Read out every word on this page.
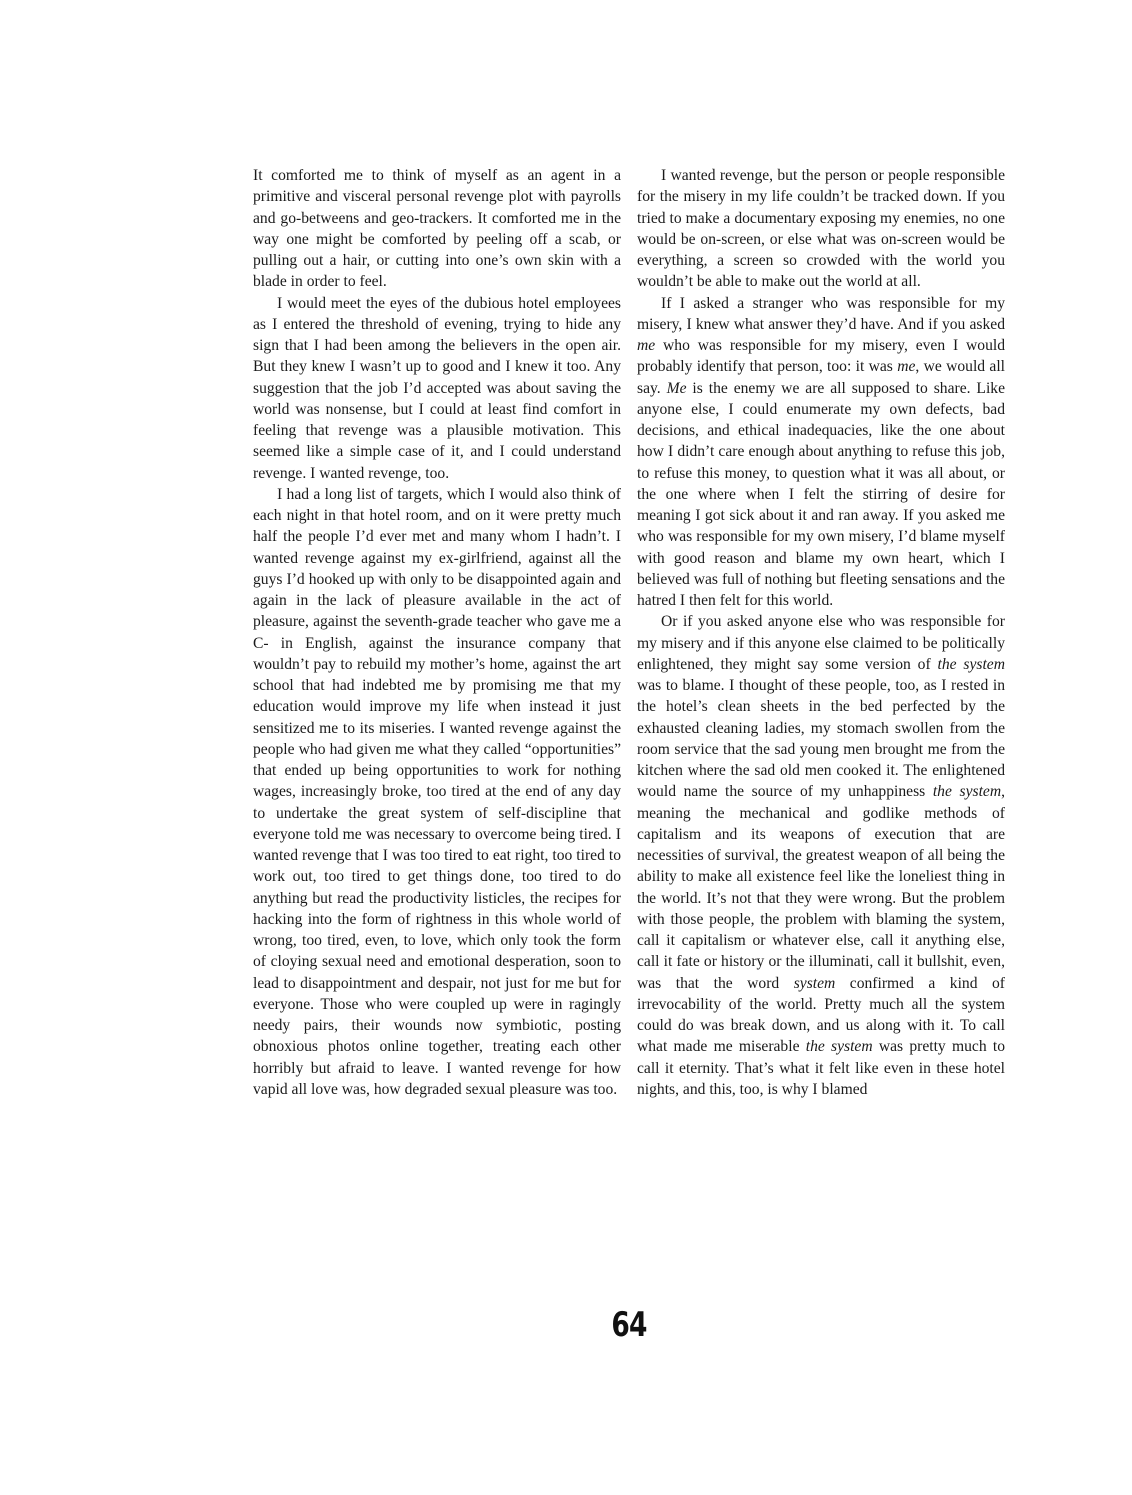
It comforted me to think of myself as an agent in a primitive and visceral personal revenge plot with payrolls and go-betweens and geo-trackers. It comforted me in the way one might be comforted by peeling off a scab, or pulling out a hair, or cutting into one’s own skin with a blade in order to feel.

I would meet the eyes of the dubious hotel employees as I entered the threshold of evening, trying to hide any sign that I had been among the believers in the open air. But they knew I wasn’t up to good and I knew it too. Any suggestion that the job I’d accepted was about saving the world was nonsense, but I could at least find comfort in feeling that revenge was a plausible motivation. This seemed like a simple case of it, and I could understand revenge. I wanted revenge, too.

I had a long list of targets, which I would also think of each night in that hotel room, and on it were pretty much half the people I’d ever met and many whom I hadn’t. I wanted revenge against my ex-girlfriend, against all the guys I’d hooked up with only to be disappointed again and again in the lack of pleasure available in the act of pleasure, against the seventh-grade teacher who gave me a C- in English, against the insurance company that wouldn’t pay to rebuild my mother’s home, against the art school that had indebted me by promising me that my education would improve my life when instead it just sensitized me to its miseries. I wanted revenge against the people who had given me what they called “opportunities” that ended up being opportunities to work for nothing wages, increasingly broke, too tired at the end of any day to undertake the great system of self-discipline that everyone told me was necessary to overcome being tired. I wanted revenge that I was too tired to eat right, too tired to work out, too tired to get things done, too tired to do anything but read the productivity listicles, the recipes for hacking into the form of rightness in this whole world of wrong, too tired, even, to love, which only took the form of cloying sexual need and emotional desperation, soon to lead to disappointment and despair, not just for me but for everyone. Those who were coupled up were in ragingly needy pairs, their wounds now symbiotic, posting obnoxious photos online together, treating each other horribly but afraid to leave. I wanted revenge for how vapid all love was, how degraded sexual pleasure was too.

I wanted revenge, but the person or people responsible for the misery in my life couldn’t be tracked down. If you tried to make a documentary exposing my enemies, no one would be on-screen, or else what was on-screen would be everything, a screen so crowded with the world you wouldn’t be able to make out the world at all.

If I asked a stranger who was responsible for my misery, I knew what answer they’d have. And if you asked me who was responsible for my misery, even I would probably identify that person, too: it was me, we would all say. Me is the enemy we are all supposed to share. Like anyone else, I could enumerate my own defects, bad decisions, and ethical inadequacies, like the one about how I didn’t care enough about anything to refuse this job, to refuse this money, to question what it was all about, or the one where when I felt the stirring of desire for meaning I got sick about it and ran away. If you asked me who was responsible for my own misery, I’d blame myself with good reason and blame my own heart, which I believed was full of nothing but fleeting sensations and the hatred I then felt for this world.

Or if you asked anyone else who was responsible for my misery and if this anyone else claimed to be politically enlightened, they might say some version of the system was to blame. I thought of these people, too, as I rested in the hotel’s clean sheets in the bed perfected by the exhausted cleaning ladies, my stomach swollen from the room service that the sad young men brought me from the kitchen where the sad old men cooked it. The enlightened would name the source of my unhappiness the system, meaning the mechanical and godlike methods of capitalism and its weapons of execution that are necessities of survival, the greatest weapon of all being the ability to make all existence feel like the loneliest thing in the world. It’s not that they were wrong. But the problem with those people, the problem with blaming the system, call it capitalism or whatever else, call it anything else, call it fate or history or the illuminati, call it bullshit, even, was that the word system confirmed a kind of irrevocability of the world. Pretty much all the system could do was break down, and us along with it. To call what made me miserable the system was pretty much to call it eternity. That’s what it felt like even in these hotel nights, and this, too, is why I blamed

64
